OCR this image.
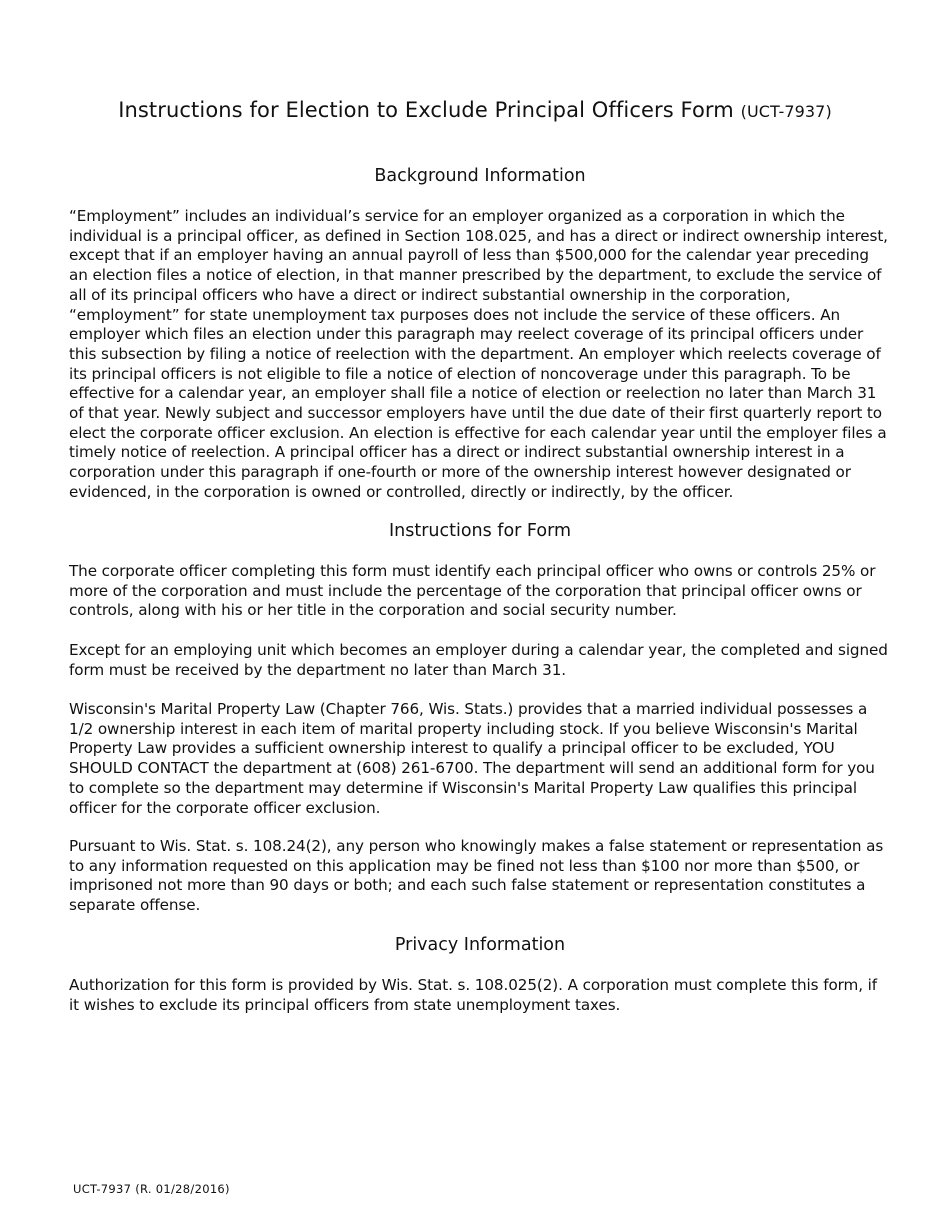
Instructions for Election to Exclude Principal Officers Form (UCT-7937)
Background Information

“Employment” includes an individual’s service for an employer organized as a corporation in which the individual is a principal officer, as defined in Section 108.025, and has a direct or indirect ownership interest, except that if an employer having an annual payroll of less than $500,000 for the calendar year preceding an election files a notice of election, in that manner prescribed by the department, to exclude the service of all of its principal officers who have a direct or indirect substantial ownership in the corporation, “employment” for state unemployment tax purposes does not include the service of these officers. An employer which files an election under this paragraph may reelect coverage of its principal officers under this subsection by filing a notice of reelection with the department. An employer which reelects coverage of its principal officers is not eligible to file a notice of election of noncoverage under this paragraph. To be effective for a calendar year, an employer shall file a notice of election or reelection no later than March 31 of that year. Newly subject and successor employers have until the due date of their first quarterly report to elect the corporate officer exclusion. An election is effective for each calendar year until the employer files a timely notice of reelection. A principal officer has a direct or indirect substantial ownership interest in a corporation under this paragraph if one-fourth or more of the ownership interest however designated or evidenced, in the corporation is owned or controlled, directly or indirectly, by the officer.

Instructions for Form

The corporate officer completing this form must identify each principal officer who owns or controls 25% or more of the corporation and must include the percentage of the corporation that principal officer owns or controls, along with his or her title in the corporation and social security number.

Except for an employing unit which becomes an employer during a calendar year, the completed and signed form must be received by the department no later than March 31.

Wisconsin's Marital Property Law (Chapter 766, Wis. Stats.) provides that a married individual possesses a 1/2 ownership interest in each item of marital property including stock. If you believe Wisconsin's Marital Property Law provides a sufficient ownership interest to qualify a principal officer to be excluded, YOU SHOULD CONTACT the department at (608) 261-6700. The department will send an additional form for you to complete so the department may determine if Wisconsin's Marital Property Law qualifies this principal officer for the corporate officer exclusion.

Pursuant to Wis. Stat. s. 108.24(2), any person who knowingly makes a false statement or representation as to any information requested on this application may be fined not less than $100 nor more than $500, or imprisoned not more than 90 days or both; and each such false statement or representation constitutes a separate offense.

Privacy Information

Authorization for this form is provided by Wis. Stat. s. 108.025(2). A corporation must complete this form, if it wishes to exclude its principal officers from state unemployment taxes.

UCT-7937 (R. 01/28/2016)
